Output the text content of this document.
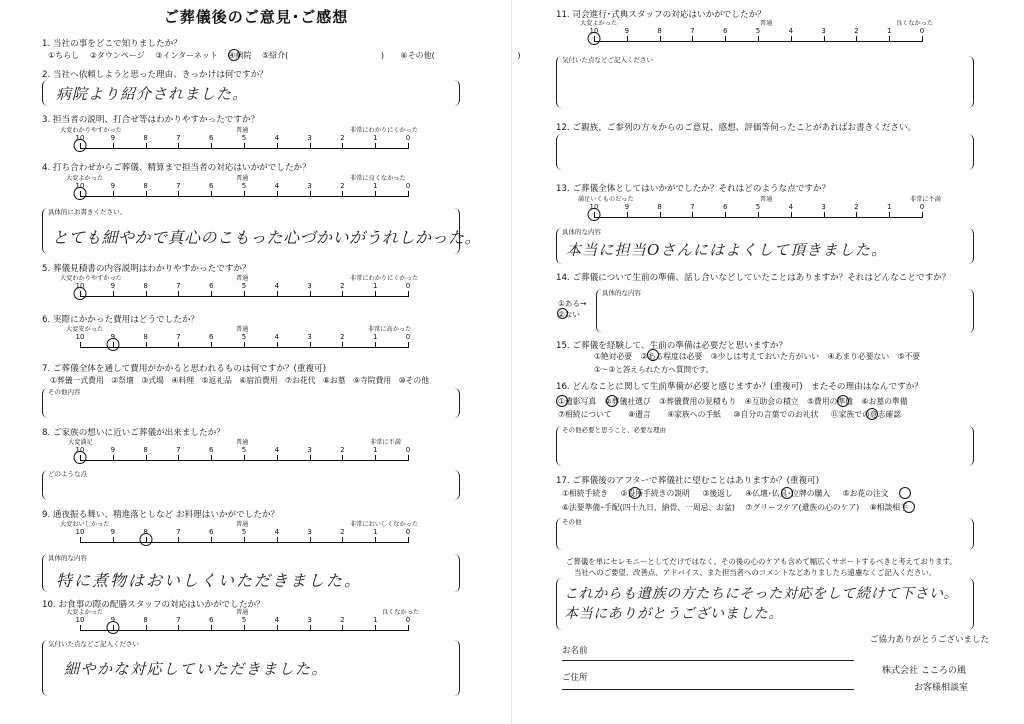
ご葬儀後のご意見･ご感想
1. 当社の事をどこで知りましたか？
①ちらし ②タウンページ ③インターネット ④病院 ⑤紹介(	) ⑥その他(	)
2. 当社へ依頼しようと思った理由、きっかけは何ですか？
病院より紹介されました。
3. 担当者の説明、打合せ等はわかりやすかったですか？
大変わかりやすかった	普通	非常にわかりにくかった
10	9	8	7	6	5	4	3	2	1	0
4. 打ち合わせからご葬儀、精算まで担当者の対応はいかがでしたか？
大変よかった	普通	非常に良くなかった
10	9	8	7	6	5	4	3	2	1	0
具体的にお書きください。
とても細やかで真心のこもった心づかいがうれしかった。
5. 葬儀見積書の内容説明はわかりやすかったですか？
大変わかりやすかった	普通	非常にわかりにくかった
10	9	8	7	6	5	4	3	2	1	0
6. 実際にかかった費用はどうでしたか？
大変安かった	普通	非常に高かった
10	9	8	7	6	5	4	3	2	1	0
7. ご葬儀全体を通して費用がかかると思われるものは何ですか？(重複可)
①葬儀一式費用 ②祭壇 ③式場 ④料理 ⑤返礼品 ⑥宿泊費用 ⑦お花代 ⑧お墓 ⑨寺院費用 ⑩その他
その他内容
8. ご家族の想いに近いご葬儀が出来ましたか？
大変満足	普通	非常に不満
10	9	8	7	6	5	4	3	2	1	0
どのような点
9. 通夜振る舞い、精進落としなど お料理はいかがでしたか？
大変おいしかった	普通	非常においしくなかった
10	9	8	7	6	5	4	3	2	1	0
具体的な内容
特に煮物はおいしくいただきました。
10. お食事の際の配膳スタッフの対応はいかがでしたか？
大変よかった	普通	良くなかった
10	9	8	7	6	5	4	3	2	1	0
気付いた点などご記入ください
細やかな対応していただきました。
11. 司会進行･式典スタッフの対応はいかがでしたか？
大変よかった	普通	良くなかった
10	9	8	7	6	5	4	3	2	1	0
気付いた点などご記入ください
12. ご親族、ご参列の方々からのご意見、感想、評価等伺ったことがあればお書きください。
13. ご葬儀全体としてはいかがでしたか？それはどのような点ですか？
満足いくものだった	普通	非常に不満
10	9	8	7	6	5	4	3	2	1	0
具体的な内容
本当に担当Oさんにはよくして頂きました。
14. ご葬儀について生前の準備、話し合いなどしていたことはありますか？それはどんなことですか？
①ある→
②ない
具体的な内容
15. ご葬儀を経験して、生前の準備は必要だと思いますか？
①絶対必要 ②ある程度は必要 ③少しは考えておいた方がいい ④あまり必要ない ⑤不要
①～③と答えられた方へ質問です。
16. どんなことに関して生前準備が必要と感じますか？(重複可)　またその理由はなんですか？
①遺影写真 ②葬儀社選び ③葬儀費用の見積もり ④互助会の積立 ⑤費用の準備 ⑥お墓の準備
⑦相続について ⑧遺言 ⑨家族への手紙 ⑩自分の言葉でのお礼状 ⑪家族での意志確認
その他必要と思うこと、必要な理由
17. ご葬儀後のアフターで葬儀社に望むことはありますか？(重複可)
①相続手続き ②役所手続きの説明 ③後返し ④仏壇･仏具･位牌の購入 ⑤お花の注文
⑥法要準備･手配(四十九日、納骨、一周忌、お盆) ⑦グリーフケア(遺族の心のケア) ⑧相談相手
その他
ご葬儀を単にセレモニーとしてだけではなく、その後の心のケアも含めて幅広くサポートするべきと考えております。
当社へのご要望、改善点、アドバイス、また担当者へのコメントなどありましたら遠慮なくご記入ください。
これからも遺族の方たちにそった対応をして続けて下さい。
本当にありがとうございました。
ご協力ありがとうございました
お名前
ご住所
株式会社 こころの風
お客様相談室
